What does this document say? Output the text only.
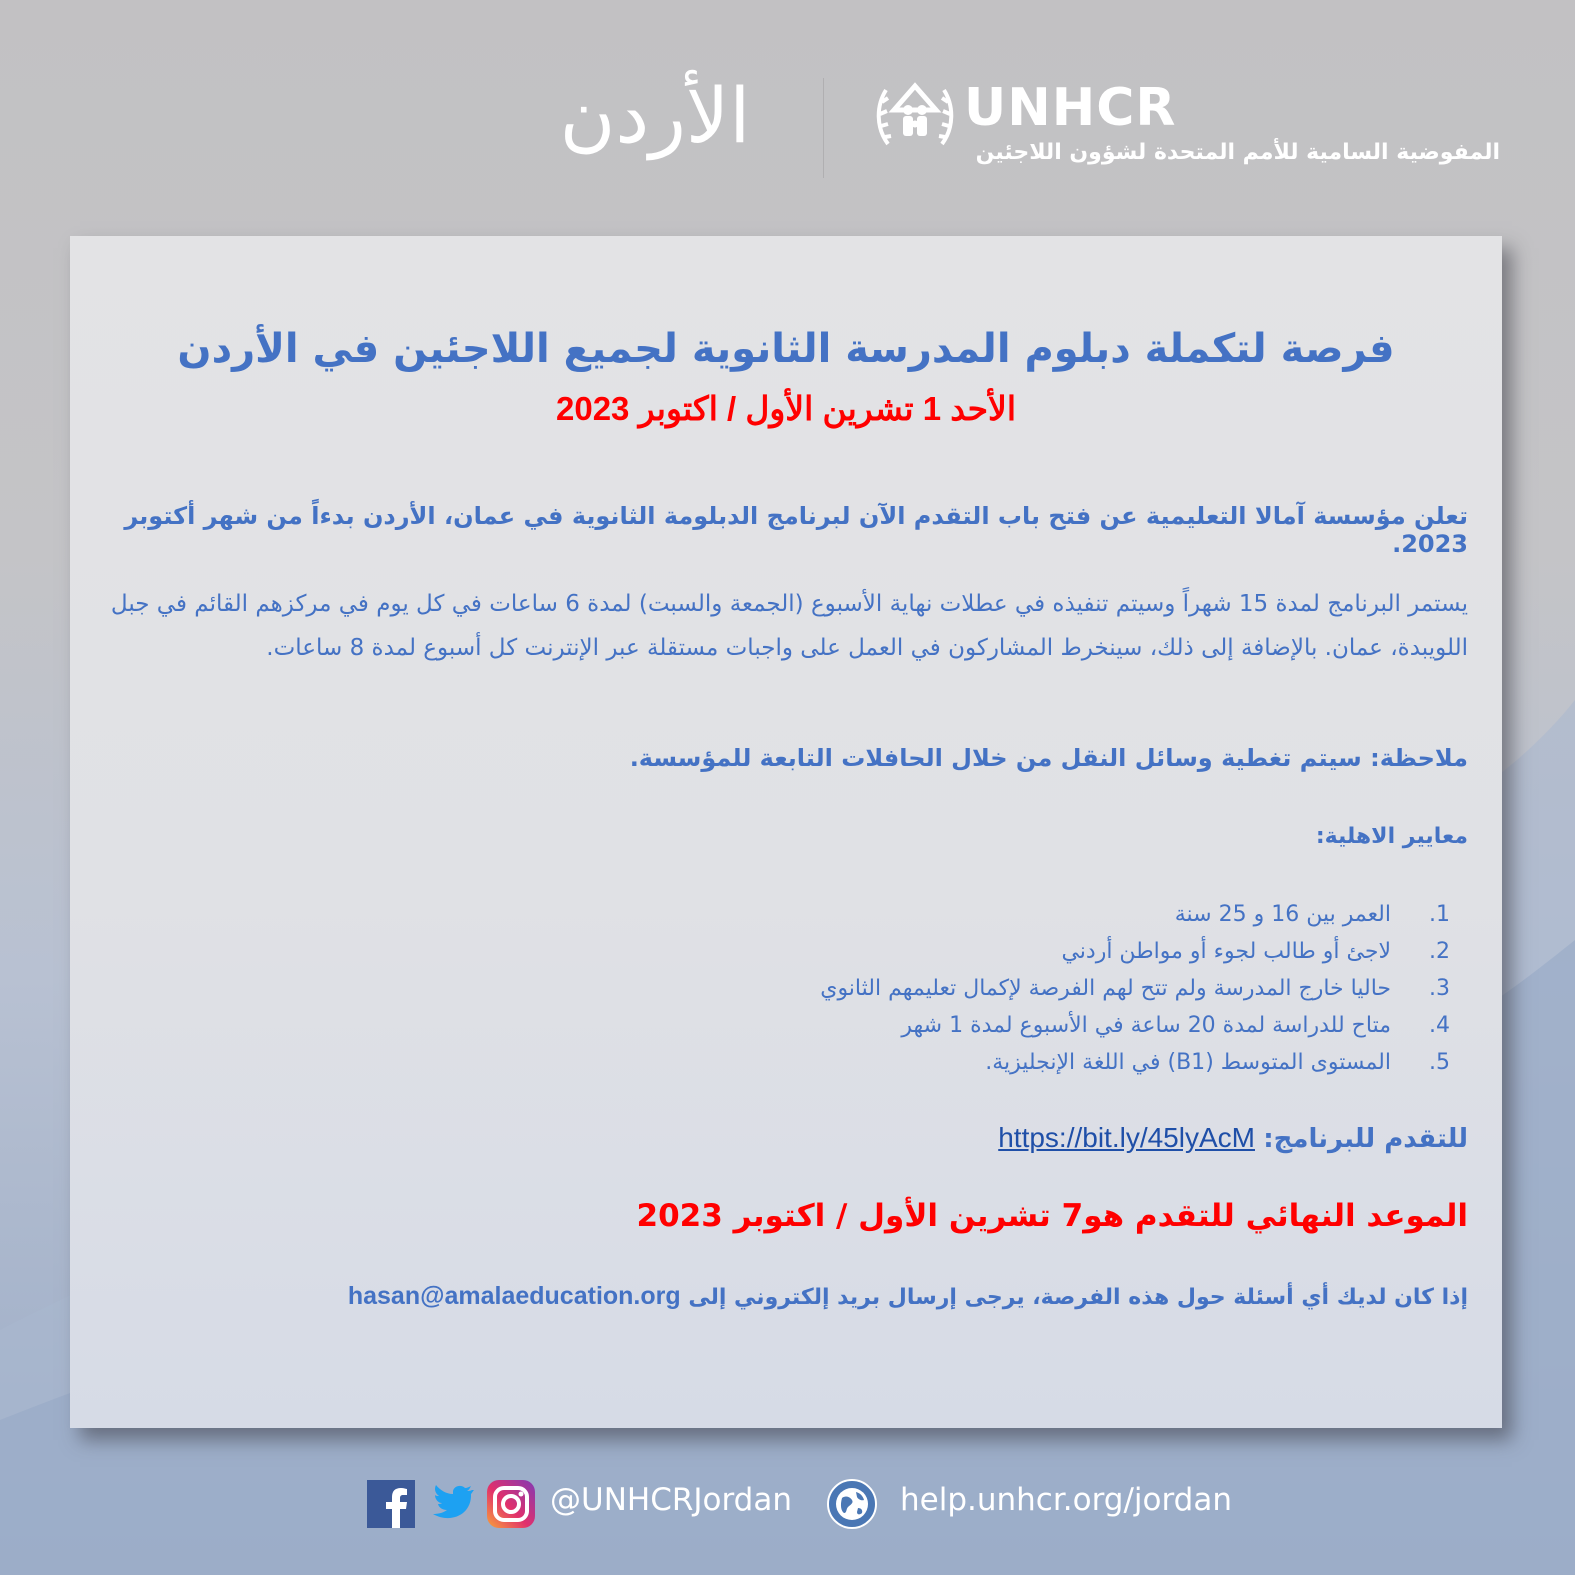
الأردن	UNHCR
المفوضية السامية للأمم المتحدة لشؤون اللاجئين
فرصة لتكملة دبلوم المدرسة الثانوية لجميع اللاجئين في الأردن
الأحد 1 تشرين الأول / اكتوبر 2023
تعلن مؤسسة آمالا التعليمية عن فتح باب التقدم الآن لبرنامج الدبلومة الثانوية في عمان، الأردن بدءاً من شهر أكتوبر 2023.
يستمر البرنامج لمدة 15 شهراً وسيتم تنفيذه في عطلات نهاية الأسبوع (الجمعة والسبت) لمدة 6 ساعات في كل يوم في مركزهم القائم في جبل اللويبدة، عمان. بالإضافة إلى ذلك، سينخرط المشاركون في العمل على واجبات مستقلة عبر الإنترنت كل أسبوع لمدة 8 ساعات.
ملاحظة: سيتم تغطية وسائل النقل من خلال الحافلات التابعة للمؤسسة.
معايير الاهلية:
1. العمر بين 16 و 25 سنة
2. لاجئ أو طالب لجوء أو مواطن أردني
3. حاليا خارج المدرسة ولم تتح لهم الفرصة لإكمال تعليمهم الثانوي
4. متاح للدراسة لمدة 20 ساعة في الأسبوع لمدة 1 شهر
5. المستوى المتوسط (B1) في اللغة الإنجليزية.
للتقدم للبرنامج: https://bit.ly/45lyAcM
الموعد النهائي للتقدم هو7 تشرين الأول / اكتوبر 2023
إذا كان لديك أي أسئلة حول هذه الفرصة، يرجى إرسال بريد إلكتروني إلى hasan@amalaeducation.org
@UNHCRJordan	help.unhcr.org/jordan
